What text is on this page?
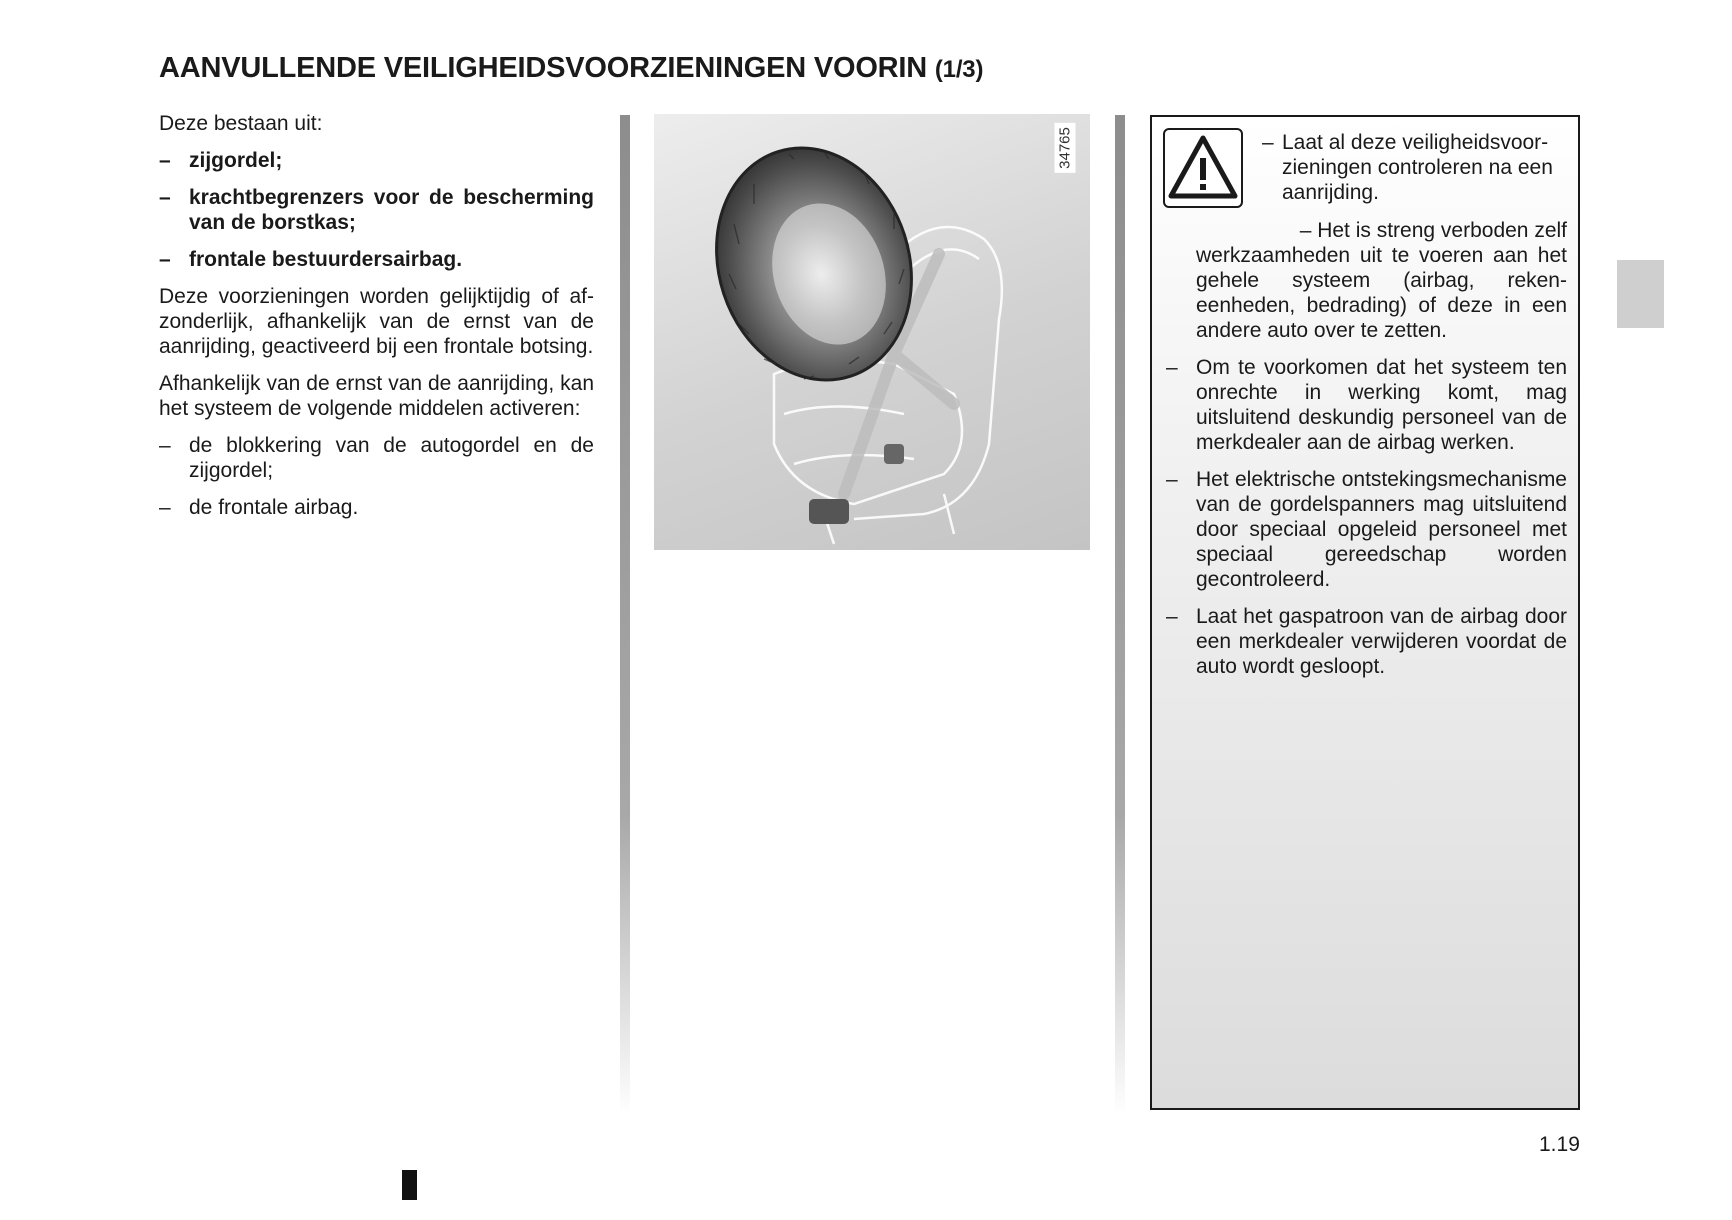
AANVULLENDE VEILIGHEIDSVOORZIENINGEN VOORIN (1/3)

Deze bestaan uit:

– zijgordel;
– krachtbegrenzers voor de bescherming van de borstkas;
– frontale bestuurdersairbag.

Deze voorzieningen worden gelijktijdig of afzonderlijk, afhankelijk van de ernst van de aanrijding, geactiveerd bij een frontale botsing.

Afhankelijk van de ernst van de aanrijding, kan het systeem de volgende middelen activeren:

– de blokkering van de autogordel en de zijgordel;
– de frontale airbag.
34765	– Laat al deze veiligheidsvoorzieningen controleren na een aanrijding.
– Het is streng verboden zelf
werkzaamheden uit te voeren aan het gehele systeem (airbag, rekeneenheden, bedrading) of deze in een andere auto over te zetten.
– Om te voorkomen dat het systeem ten onrechte in werking komt, mag uitsluitend deskundig personeel van de merkdealer aan de airbag werken.
– Het elektrische ontstekingsmechanisme van de gordelspanners mag uitsluitend door speciaal opgeleid personeel met speciaal gereedschap worden gecontroleerd.
– Laat het gaspatroon van de airbag door een merkdealer verwijderen voordat de auto wordt gesloopt.
1.19
